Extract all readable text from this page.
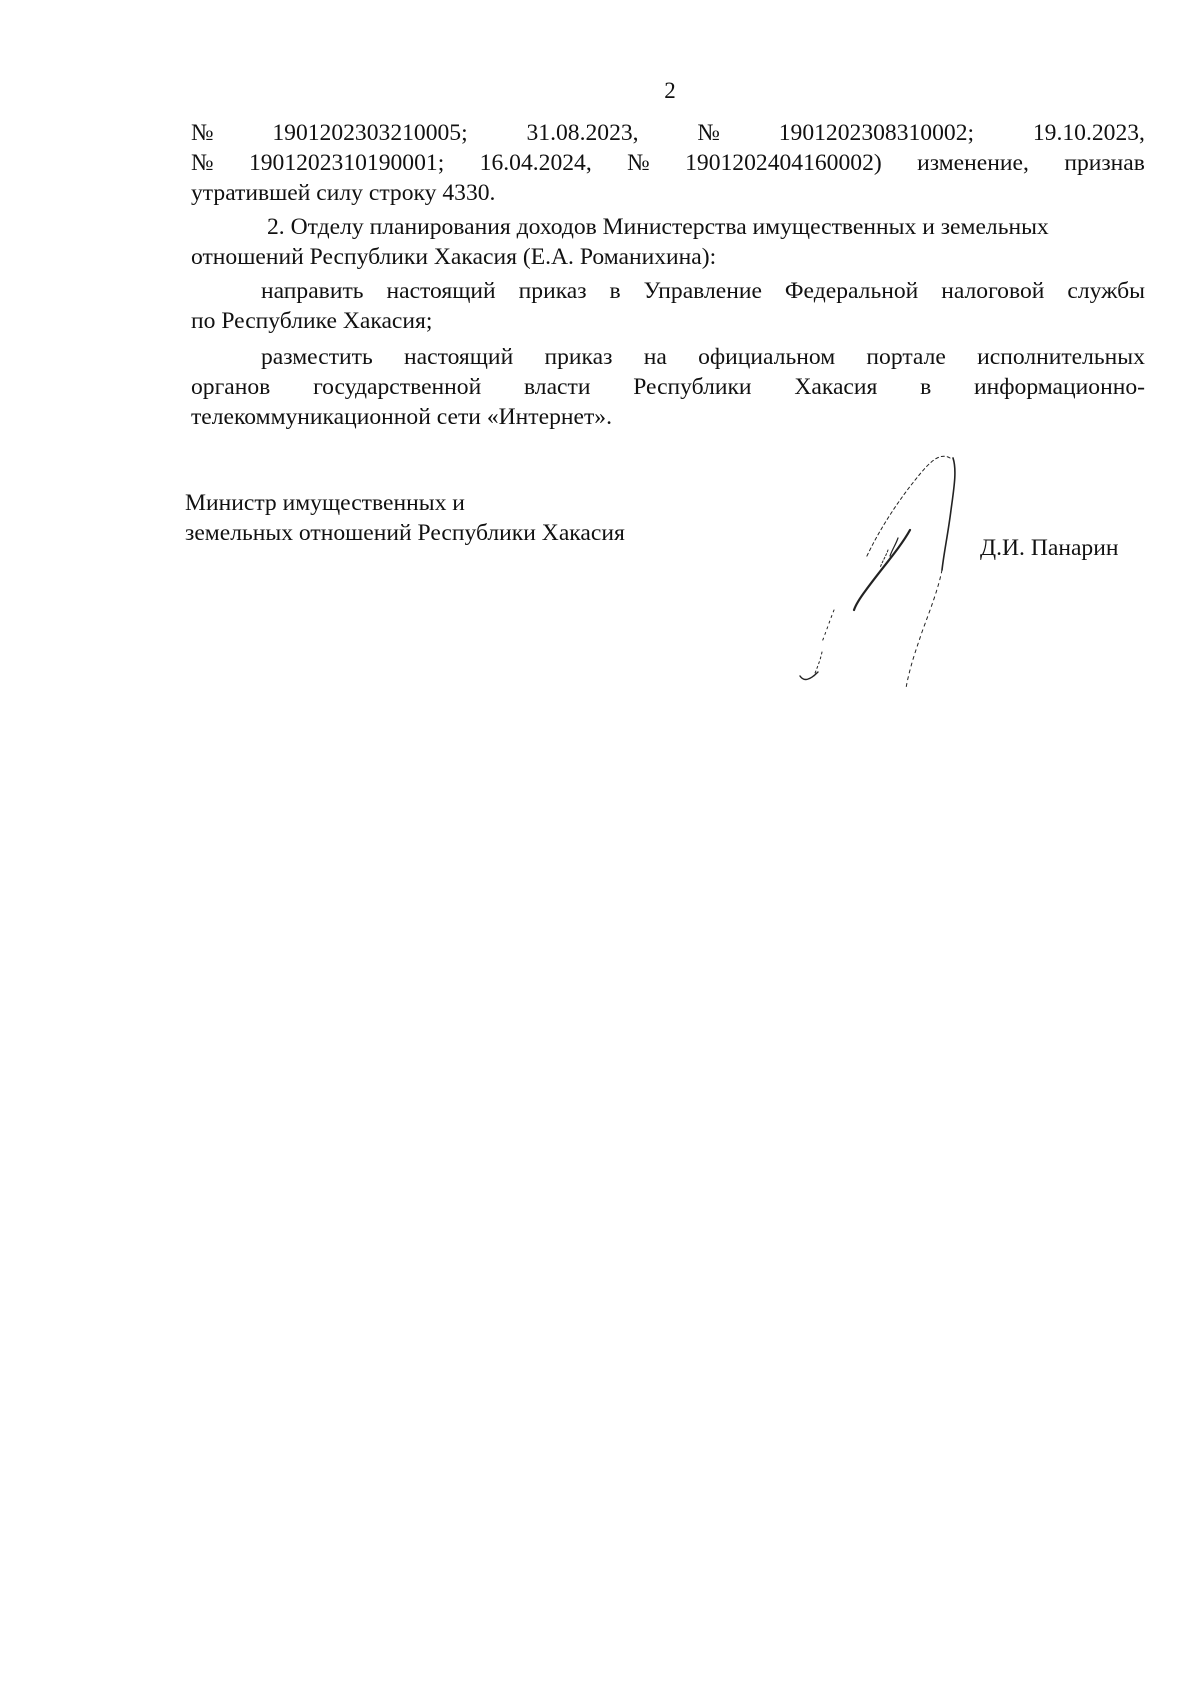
2
№ 1901202303210005; 31.08.2023, № 1901202308310002; 19.10.2023,
№ 1901202310190001; 16.04.2024, № 1901202404160002) изменение, признав
утратившей силу строку 4330.
2. Отделу планирования доходов Министерства имущественных и земельных
отношений Республики Хакасия (Е.А. Романихина):
направить настоящий приказ в Управление Федеральной налоговой службы
по Республике Хакасия;
разместить настоящий приказ на официальном портале исполнительных
органов государственной власти Республики Хакасия в информационно-
телекоммуникационной сети «Интернет».
Министр имущественных и
земельных отношений Республики Хакасия
Д.И. Панарин
